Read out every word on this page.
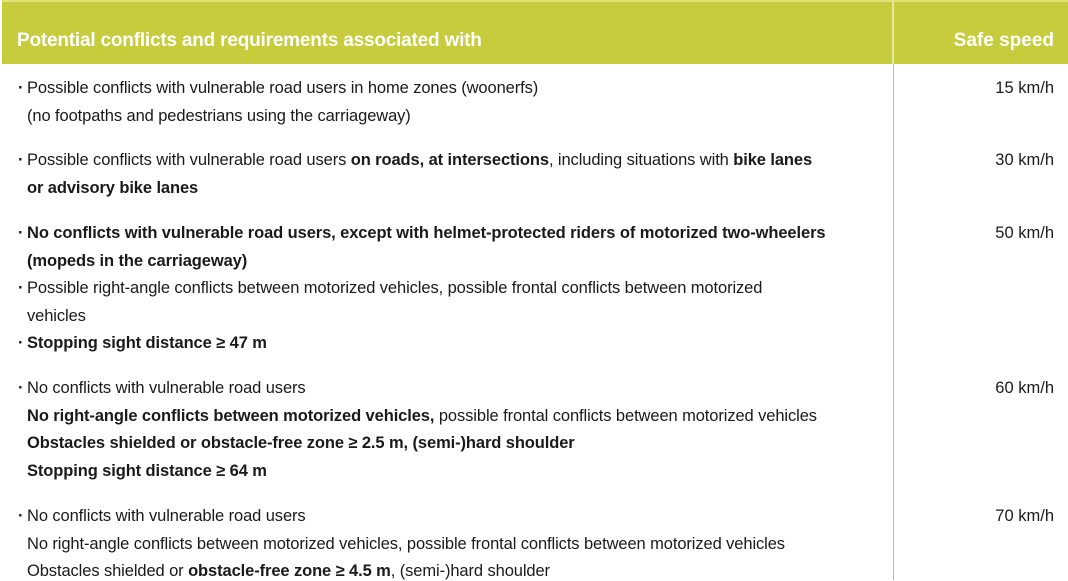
Potential conflicts and requirements associated with	Safe speed
· Possible conflicts with vulnerable road users in home zones (woonerfs)
(no footpaths and pedestrians using the carriageway)
15 km/h
· Possible conflicts with vulnerable road users on roads, at intersections, including situations with bike lanes
or advisory bike lanes
30 km/h
· No conflicts with vulnerable road users, except with helmet-protected riders of motorized two-wheelers
(mopeds in the carriageway)
· Possible right-angle conflicts between motorized vehicles, possible frontal conflicts between motorized
vehicles
· Stopping sight distance ≥ 47 m
50 km/h
· No conflicts with vulnerable road users
No right-angle conflicts between motorized vehicles, possible frontal conflicts between motorized vehicles
Obstacles shielded or obstacle-free zone ≥ 2.5 m, (semi-)hard shoulder
Stopping sight distance ≥ 64 m
60 km/h
· No conflicts with vulnerable road users
No right-angle conflicts between motorized vehicles, possible frontal conflicts between motorized vehicles
Obstacles shielded or obstacle-free zone ≥ 4.5 m, (semi-)hard shoulder
70 km/h
